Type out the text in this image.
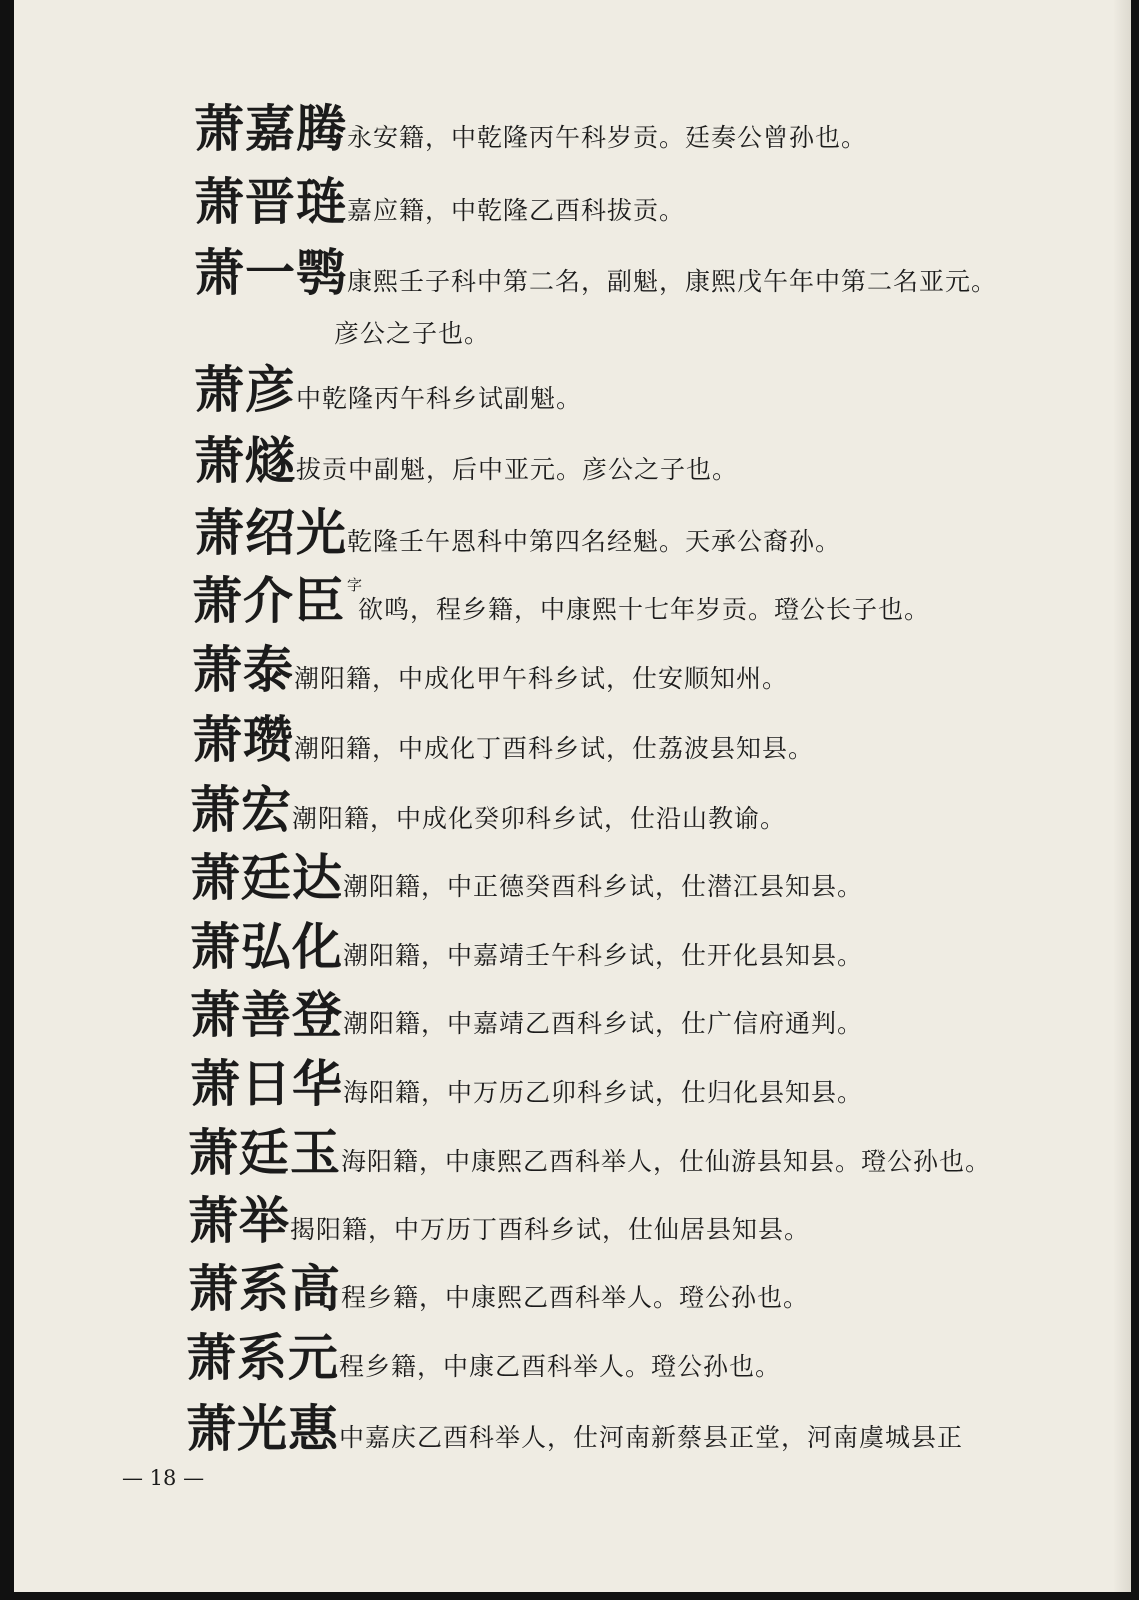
萧嘉腾永安籍，中乾隆丙午科岁贡。廷奏公曾孙也。
萧晋琏嘉应籍，中乾隆乙酉科拔贡。
萧一鹗康熙壬子科中第二名，副魁，康熙戊午年中第二名亚元。
彦公之子也。
萧彦中乾隆丙午科乡试副魁。
萧燧拔贡中副魁，后中亚元。彦公之子也。
萧绍光乾隆壬午恩科中第四名经魁。天承公裔孙。
萧介臣 字欲鸣，程乡籍，中康熙十七年岁贡。璒公长子也。
萧泰潮阳籍，中成化甲午科乡试，仕安顺知州。
萧瓒潮阳籍，中成化丁酉科乡试，仕荔波县知县。
萧宏潮阳籍，中成化癸卯科乡试，仕沿山教谕。
萧廷达潮阳籍，中正德癸酉科乡试，仕潜江县知县。
萧弘化潮阳籍，中嘉靖壬午科乡试，仕开化县知县。
萧善登潮阳籍，中嘉靖乙酉科乡试，仕广信府通判。
萧日华海阳籍，中万历乙卯科乡试，仕归化县知县。
萧廷玉海阳籍，中康熙乙酉科举人，仕仙游县知县。璒公孙也。
萧举揭阳籍，中万历丁酉科乡试，仕仙居县知县。
萧系高程乡籍，中康熙乙酉科举人。璒公孙也。
萧系元程乡籍，中康乙酉科举人。璒公孙也。
萧光惠中嘉庆乙酉科举人，仕河南新蔡县正堂，河南虞城县正
— 18 —
